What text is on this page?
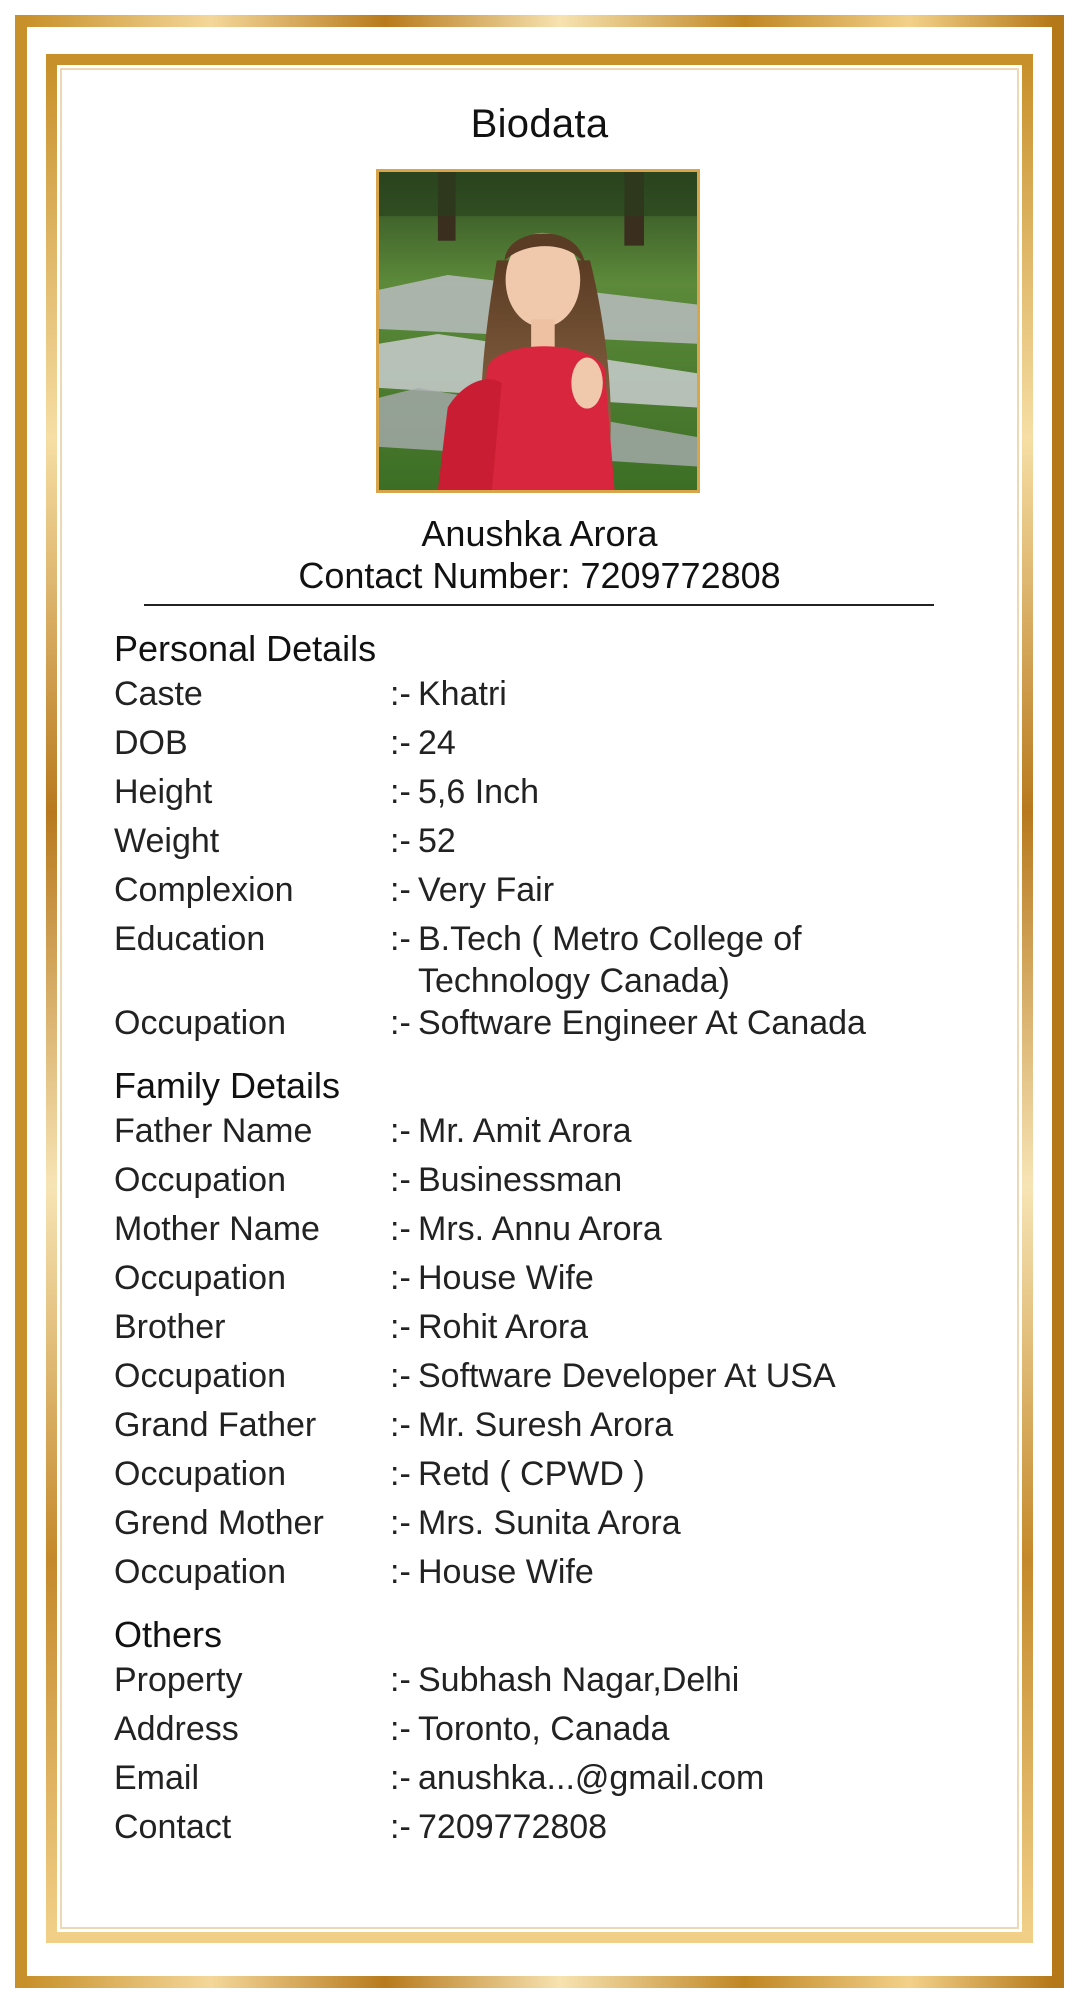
Biodata
Anushka Arora
Contact Number: 7209772808
Personal Details
Caste	:- Khatri
DOB	:- 24
Height	:- 5,6 Inch
Weight	:- 52
Complexion	:- Very Fair
Education	:- B.Tech ( Metro College of Technology Canada)
Occupation	:- Software Engineer At Canada
Family Details
Father Name	:- Mr. Amit Arora
Occupation	:- Businessman
Mother Name	:- Mrs. Annu Arora
Occupation	:- House Wife
Brother	:- Rohit Arora
Occupation	:- Software Developer At USA
Grand Father	:- Mr. Suresh Arora
Occupation	:- Retd ( CPWD )
Grend Mother	:- Mrs. Sunita Arora
Occupation	:- House Wife
Others
Property	:- Subhash Nagar,Delhi
Address	:- Toronto, Canada
Email	:- anushka...@gmail.com
Contact	:- 7209772808
